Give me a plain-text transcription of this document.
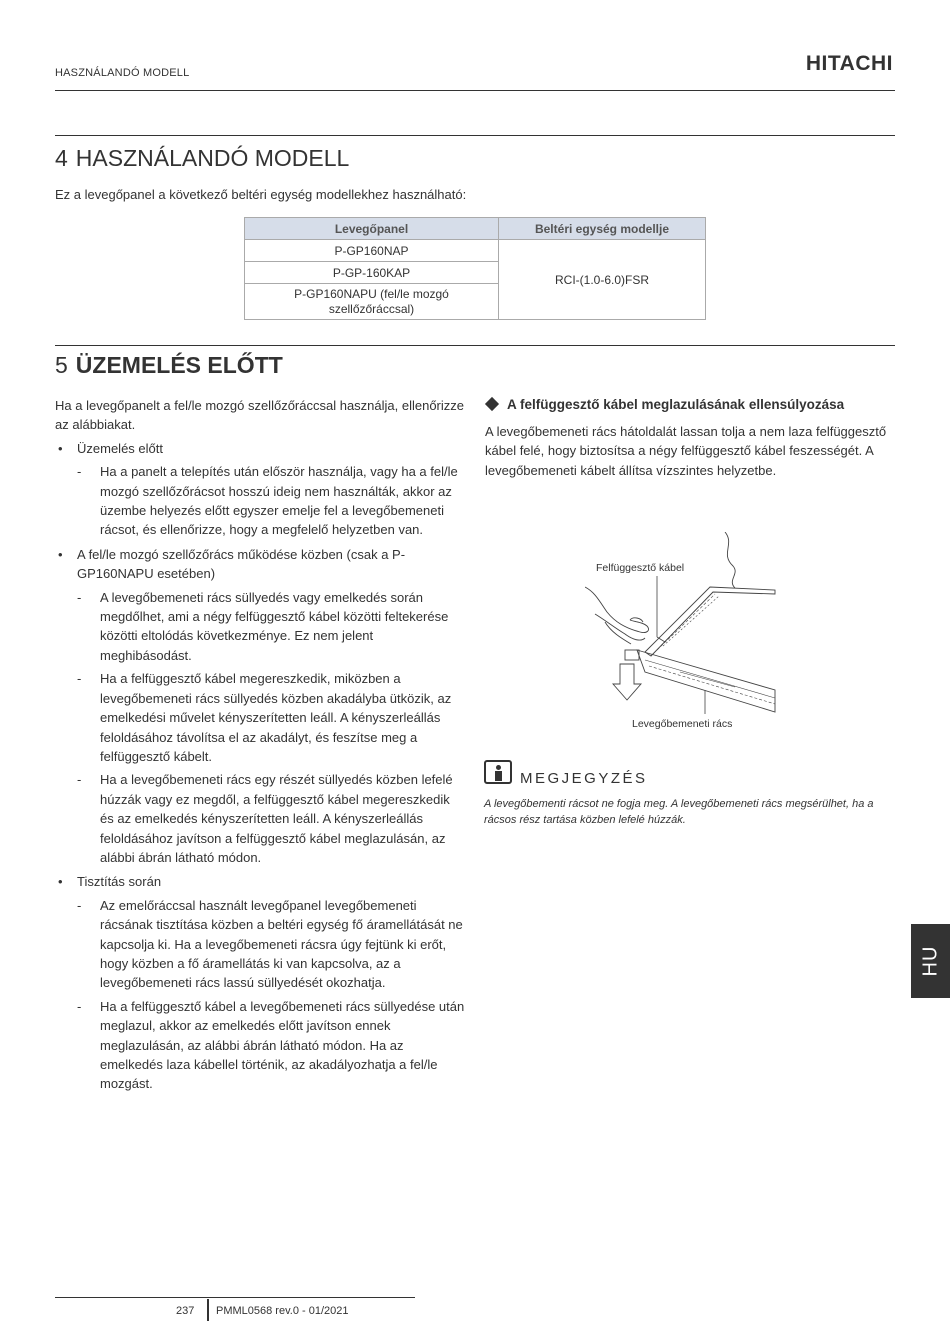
HASZNÁLANDÓ MODELL	HITACHI
4 HASZNÁLANDÓ MODELL
Ez a levegőpanel a következő beltéri egység modellekhez használható:
Levegőpanel	Beltéri egység modellje
P-GP160NAP	RCI-(1.0-6.0)FSR
P-GP-160KAP	
P-GP160NAPU (fel/le mozgó
szellőzőráccsal)	
5 ÜZEMELÉS ELŐTT

Ha a levegőpanelt a fel/le mozgó szellőzőráccsal használja, ellenőrizze az alábbiakat.

• Üzemelés előtt
- Ha a panelt a telepítés után először használja, vagy ha a fel/le mozgó szellőzőrácsot hosszú ideig nem használták, akkor az üzembe helyezés előtt egyszer emelje fel a levegőbemeneti rácsot, és ellenőrizze, hogy a megfelelő helyzetben van.
• A fel/le mozgó szellőzőrács működése közben (csak a P-GP160NAPU esetében)
- A levegőbemeneti rács süllyedés vagy emelkedés során megdőlhet, ami a négy felfüggesztő kábel közötti feltekerése közötti eltolódás következménye. Ez nem jelent meghibásodást.
- Ha a felfüggesztő kábel megereszkedik, miközben a levegőbemeneti rács süllyedés közben akadályba ütközik, az emelkedési művelet kényszerítetten leáll. A kényszerleállás feloldásához távolítsa el az akadályt, és feszítse meg a felfüggesztő kábelt.
- Ha a levegőbemeneti rács egy részét süllyedés közben lefelé húzzák vagy ez megdől, a felfüggesztő kábel megereszkedik és az emelkedés kényszerítetten leáll. A kényszerleállás feloldásához javítson a felfüggesztő kábel meglazulásán, az alábbi ábrán látható módon.
• Tisztítás során
- Az emelőráccsal használt levegőpanel levegőbemeneti rácsának tisztítása közben a beltéri egység fő áramellátását ne kapcsolja ki. Ha a levegőbemeneti rácsra úgy fejtünk ki erőt, hogy közben a fő áramellátás ki van kapcsolva, az a levegőbemeneti rács lassú süllyedését okozhatja.
- Ha a felfüggesztő kábel a levegőbemeneti rács süllyedése után meglazul, akkor az emelkedés előtt javítson ennek meglazulásán, az alábbi ábrán látható módon. Ha az emelkedés laza kábellel történik, az akadályozhatja a fel/le mozgást.
A felfüggesztő kábel meglazulásának ellensúlyozása

A levegőbemeneti rács hátoldalát lassan tolja a nem laza felfüggesztő kábel felé, hogy biztosítsa a négy felfüggesztő kábel feszességét. A levegőbemeneti kábelt állítsa vízszintes helyzetbe.

Felfüggesztő kábel
Levegőbemeneti rács
MEGJEGYZÉS
A levegőbementi rácsot ne fogja meg. A levegőbemeneti rács megsérülhet, ha a rácsos rész tartása közben lefelé húzzák.
HU
237 PMML0568 rev.0 - 01/2021
